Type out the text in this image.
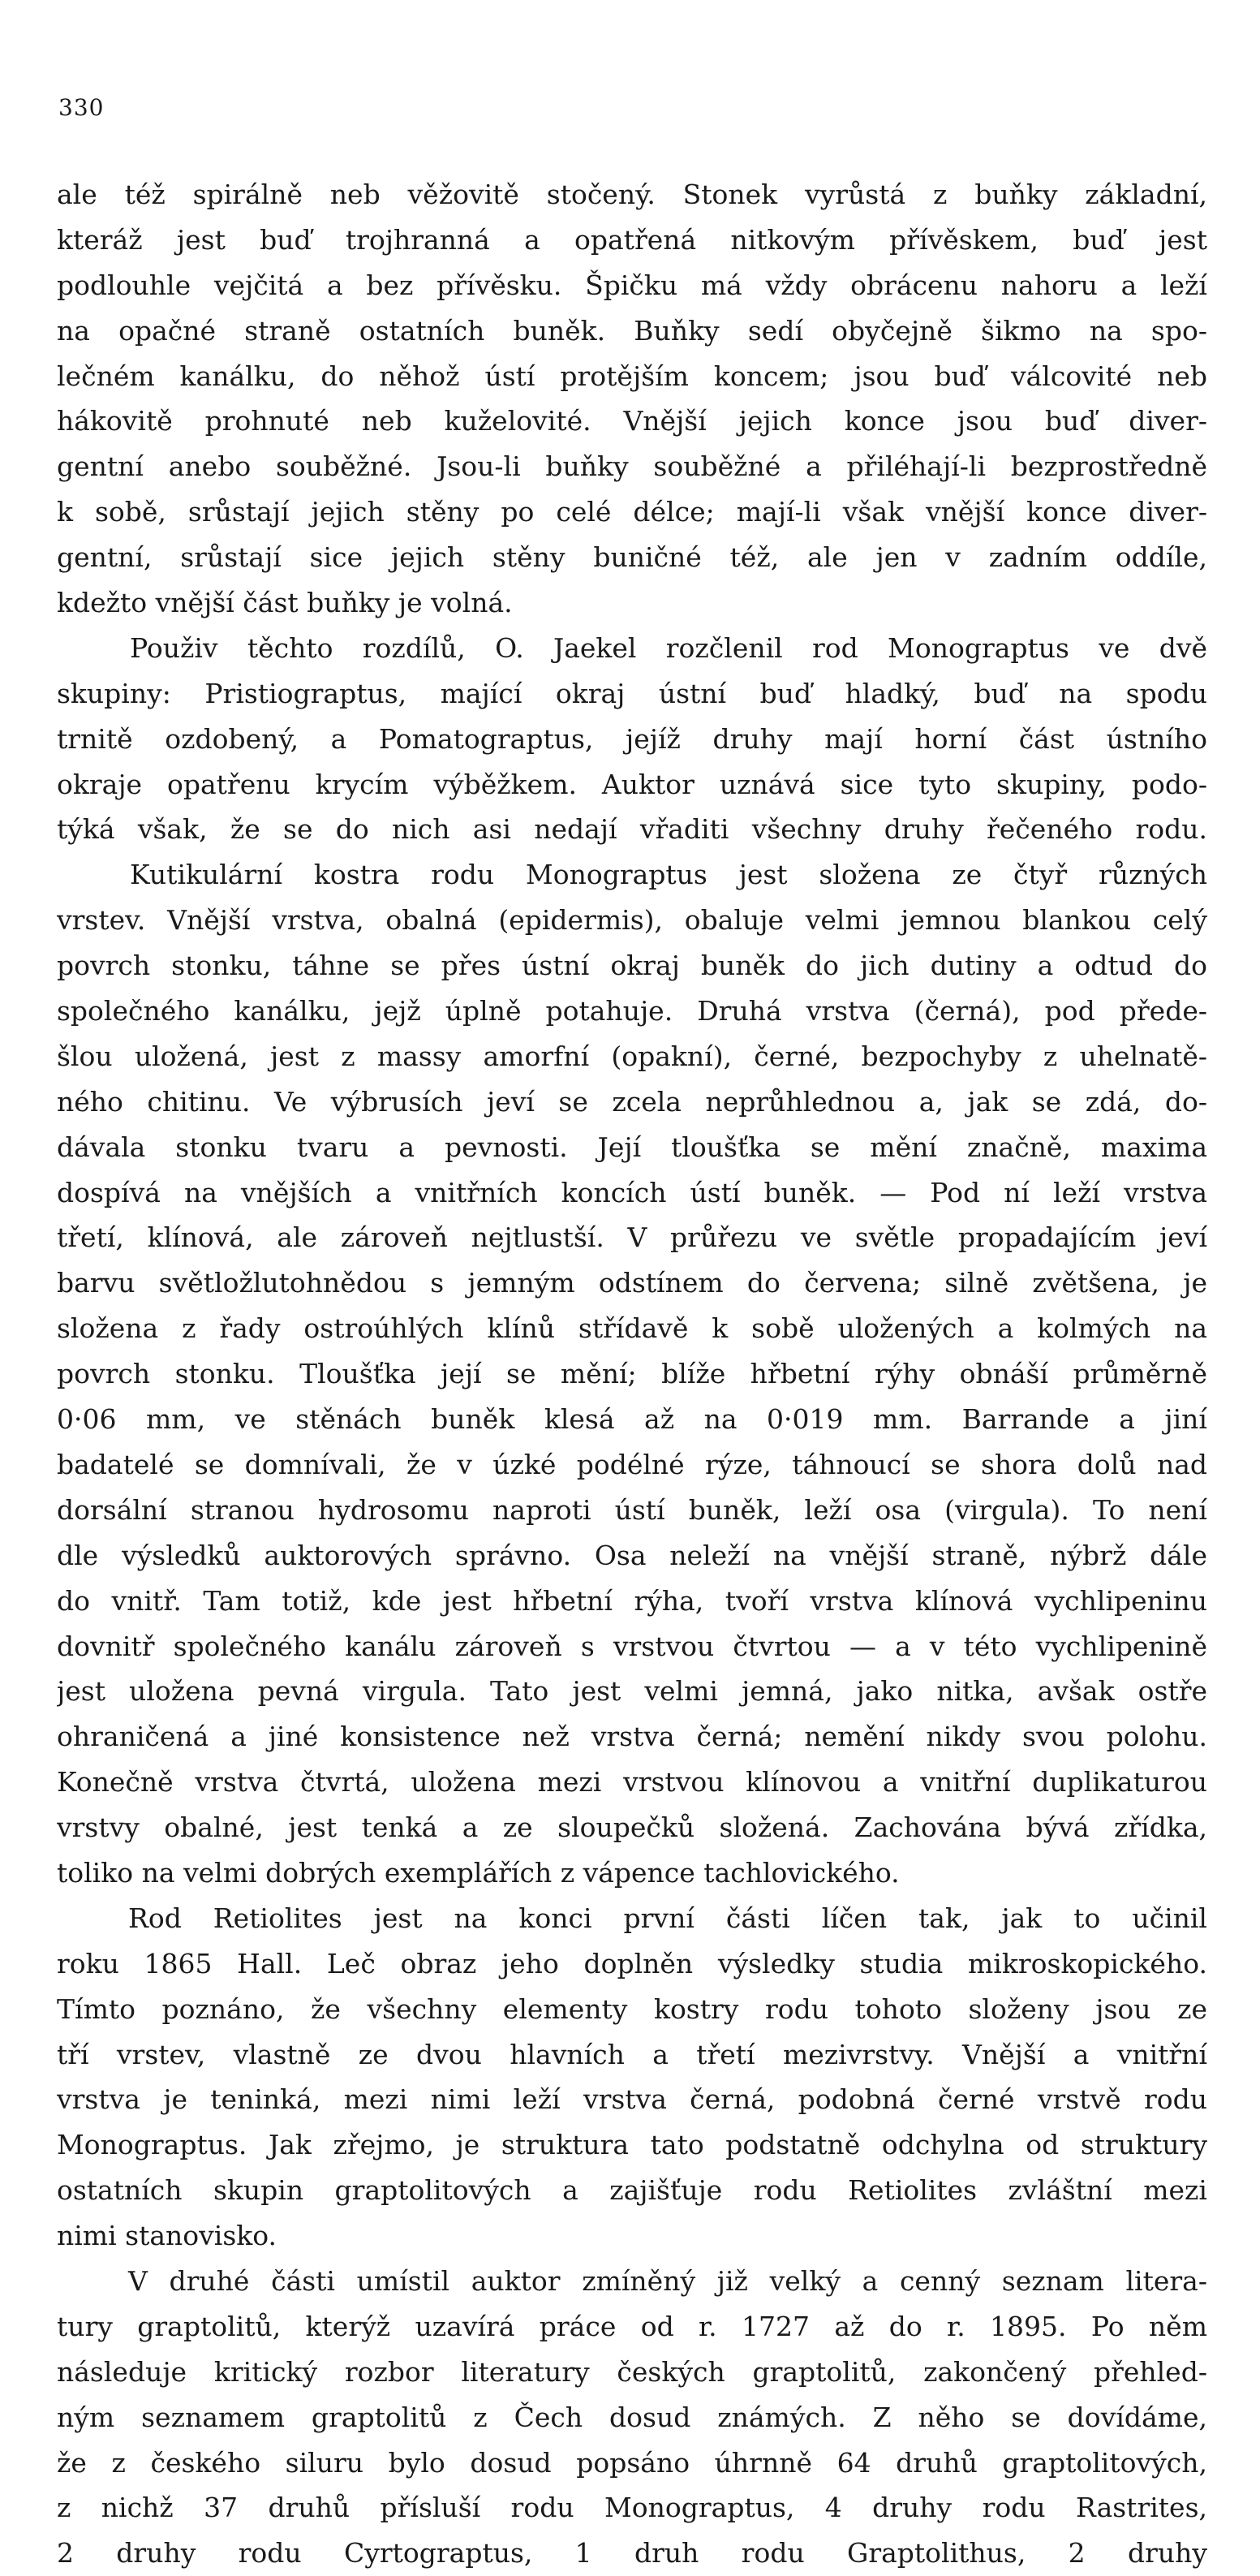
330
ale též spirálně neb věžovitě stočený. Stonek vyrůstá z buňky základní,
kteráž jest buď trojhranná a opatřená nitkovým přívěskem, buď jest
podlouhle vejčitá a bez přívěsku. Špičku má vždy obrácenu nahoru a leží
na opačné straně ostatních buněk. Buňky sedí obyčejně šikmo na spo-
lečném kanálku, do něhož ústí protějším koncem; jsou buď válcovité neb
hákovitě prohnuté neb kuželovité. Vnější jejich konce jsou buď diver-
gentní anebo souběžné. Jsou-li buňky souběžné a přiléhají-li bezprostředně
k sobě, srůstají jejich stěny po celé délce; mají-li však vnější konce diver-
gentní, srůstají sice jejich stěny buničné též, ale jen v zadním oddíle,
kdežto vnější část buňky je volná.
Použiv těchto rozdílů, O. Jaekel rozčlenil rod Monograptus ve dvě
skupiny: Pristiograptus, mající okraj ústní buď hladký, buď na spodu
trnitě ozdobený, a Pomatograptus, jejíž druhy mají horní část ústního
okraje opatřenu krycím výběžkem. Auktor uznává sice tyto skupiny, podo-
týká však, že se do nich asi nedají vřaditi všechny druhy řečeného rodu.
Kutikulární kostra rodu Monograptus jest složena ze čtyř různých
vrstev. Vnější vrstva, obalná (epidermis), obaluje velmi jemnou blankou celý
povrch stonku, táhne se přes ústní okraj buněk do jich dutiny a odtud do
společného kanálku, jejž úplně potahuje. Druhá vrstva (černá), pod přede-
šlou uložená, jest z massy amorfní (opakní), černé, bezpochyby z uhelnatě-
ného chitinu. Ve výbrusích jeví se zcela neprůhlednou a, jak se zdá, do-
dávala stonku tvaru a pevnosti. Její tloušťka se mění značně, maxima
dospívá na vnějších a vnitřních koncích ústí buněk. — Pod ní leží vrstva
třetí, klínová, ale zároveň nejtlustší. V průřezu ve světle propadajícím jeví
barvu světložlutohnědou s jemným odstínem do červena; silně zvětšena, je
složena z řady ostroúhlých klínů střídavě k sobě uložených a kolmých na
povrch stonku. Tloušťka její se mění; blíže hřbetní rýhy obnáší průměrně
0·06 mm, ve stěnách buněk klesá až na 0·019 mm. Barrande a jiní
badatelé se domnívali, že v úzké podélné rýze, táhnoucí se shora dolů nad
dorsální stranou hydrosomu naproti ústí buněk, leží osa (virgula). To není
dle výsledků auktorových správno. Osa neleží na vnější straně, nýbrž dále
do vnitř. Tam totiž, kde jest hřbetní rýha, tvoří vrstva klínová vychlipeninu
dovnitř společného kanálu zároveň s vrstvou čtvrtou — a v této vychlipenině
jest uložena pevná virgula. Tato jest velmi jemná, jako nitka, avšak ostře
ohraničená a jiné konsistence než vrstva černá; nemění nikdy svou polohu.
Konečně vrstva čtvrtá, uložena mezi vrstvou klínovou a vnitřní duplikaturou
vrstvy obalné, jest tenká a ze sloupečků složená. Zachována bývá zřídka,
toliko na velmi dobrých exemplářích z vápence tachlovického.
Rod Retiolites jest na konci první části líčen tak, jak to učinil
roku 1865 Hall. Leč obraz jeho doplněn výsledky studia mikroskopického.
Tímto poznáno, že všechny elementy kostry rodu tohoto složeny jsou ze
tří vrstev, vlastně ze dvou hlavních a třetí mezivrstvy. Vnější a vnitřní
vrstva je teninká, mezi nimi leží vrstva černá, podobná černé vrstvě rodu
Monograptus. Jak zřejmo, je struktura tato podstatně odchylna od struktury
ostatních skupin graptolitových a zajišťuje rodu Retiolites zvláštní mezi
nimi stanovisko.
V druhé části umístil auktor zmíněný již velký a cenný seznam litera-
tury graptolitů, kterýž uzavírá práce od r. 1727 až do r. 1895. Po něm
následuje kritický rozbor literatury českých graptolitů, zakončený přehled-
ným seznamem graptolitů z Čech dosud známých. Z něho se dovídáme,
že z českého siluru bylo dosud popsáno úhrnně 64 druhů graptolitových,
z nichž 37 druhů přísluší rodu Monograptus, 4 druhy rodu Rastrites,
2 druhy rodu Cyrtograptus, 1 druh rodu Graptolithus, 2 druhy
